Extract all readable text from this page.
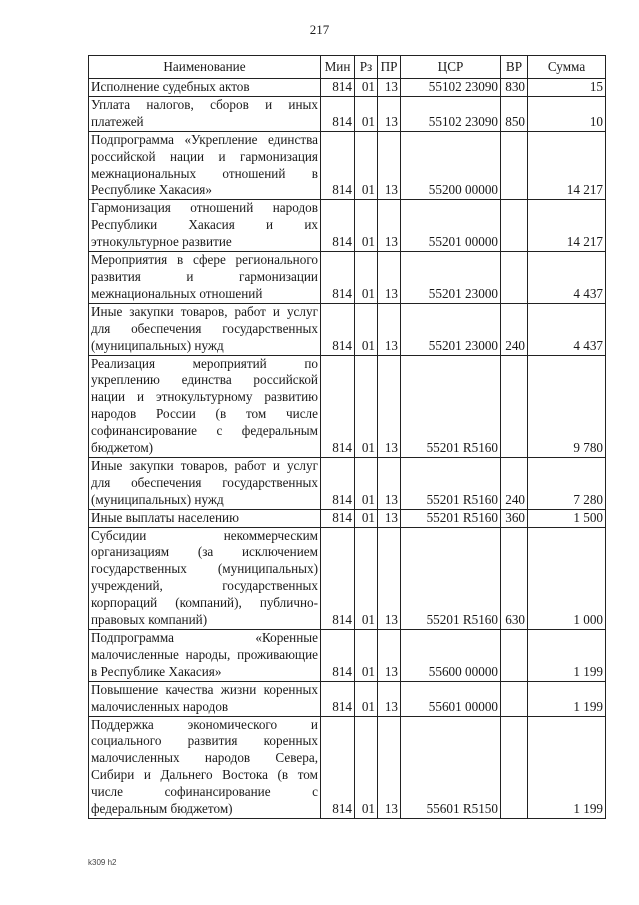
217
Наименование	Мин	Рз	ПР	ЦСР	ВР	Сумма
Исполнение судебных актов	814	01	13	55102 23090	830	15
Уплата налогов, сборов и иных платежей	814	01	13	55102 23090	850	10
Подпрограмма «Укрепление единства российской нации и гармонизация межнациональных отношений в Республике Хакасия»	814	01	13	55200 00000		14 217
Гармонизация отношений народов Республики Хакасия и их этнокультурное развитие	814	01	13	55201 00000		14 217
Мероприятия в сфере регионального развития и гармонизации межнациональных отношений	814	01	13	55201 23000		4 437
Иные закупки товаров, работ и услуг для обеспечения государственных (муниципальных) нужд	814	01	13	55201 23000	240	4 437
Реализация мероприятий по укреплению единства российской нации и этнокультурному развитию народов России (в том числе софинансирование с федеральным бюджетом)	814	01	13	55201 R5160		9 780
Иные закупки товаров, работ и услуг для обеспечения государственных (муниципальных) нужд	814	01	13	55201 R5160	240	7 280
Иные выплаты населению	814	01	13	55201 R5160	360	1 500
Субсидии некоммерческим организациям (за исключением государственных (муниципальных) учреждений, государственных корпораций (компаний), публично-правовых компаний)	814	01	13	55201 R5160	630	1 000
Подпрограмма «Коренные малочисленные народы, проживающие в Республике Хакасия»	814	01	13	55600 00000		1 199
Повышение качества жизни коренных малочисленных народов	814	01	13	55601 00000		1 199
Поддержка экономического и социального развития коренных малочисленных народов Севера, Сибири и Дальнего Востока (в том числе софинансирование с федеральным бюджетом)	814	01	13	55601 R5150		1 199
k309 h2
